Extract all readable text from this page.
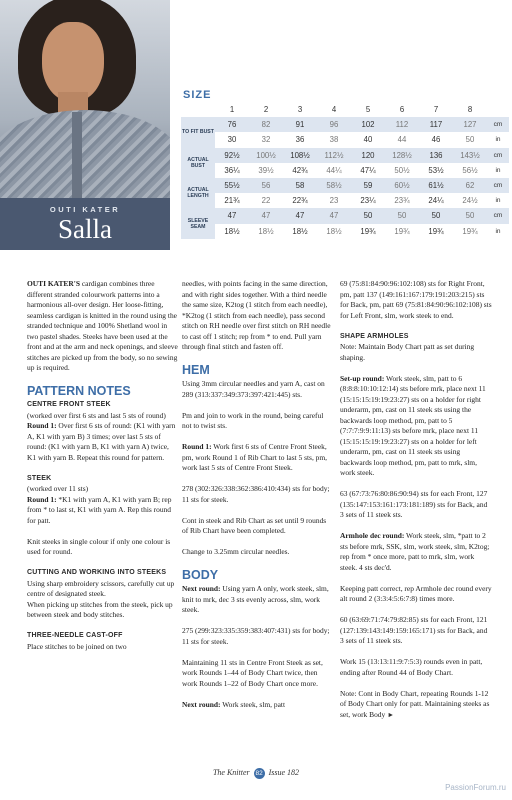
OUTI KATER
Salla
SIZE
	1	2	3	4	5	6	7	8	
TO FIT BUST	76	82	91	96	102	112	117	127	cm
	30	32	36	38	40	44	46	50	in
ACTUAL BUST	92½	100½	108½	112½	120	128½	136	143½	cm
	36¼	39½	42¾	44¼	47¼	50½	53½	56½	in
ACTUAL LENGTH	55½	56	58	58½	59	60½	61½	62	cm
	21¾	22	22¾	23	23¼	23¾	24¼	24½	in
SLEEVE SEAM	47	47	47	47	50	50	50	50	cm
	18½	18½	18½	18½	19¾	19¾	19¾	19¾	in

OUTI KATER'S cardigan combines three different stranded colourwork patterns into a harmonious all-over design. Her loose-fitting, seamless cardigan is knitted in the round using the stranded technique and 100% Shetland wool in two pastel shades. Steeks have been used at the front and at the arm and neck openings, and sleeve stitches are picked up from the body, so no sewing up is required.

PATTERN NOTES
CENTRE FRONT STEEK
(worked over first 6 sts and last 5 sts of round)

Round 1: Over first 6 sts of round: (K1 with yarn A, K1 with yarn B) 3 times; over last 5 sts of round: (K1 with yarn B, K1 with yarn A) twice, K1 with yarn B. Repeat this round for pattern.

STEEK
(worked over 11 sts)

Round 1: *K1 with yarn A, K1 with yarn B; rep from * to last st, K1 with yarn A. Rep this round for patt.

Knit steeks in single colour if only one colour is used for round.

CUTTING AND WORKING INTO STEEKS
Using sharp embroidery scissors, carefully cut up centre of designated steek.

When picking up stitches from the steek, pick up between steek and body stitches.

THREE-NEEDLE CAST-OFF
Place stitches to be joined on two

needles, with points facing in the same direction, and with right sides together. With a third needle the same size, K2tog (1 stitch from each needle), *K2tog (1 stitch from each needle), pass second stitch on RH needle over first stitch on RH needle to cast off 1 stitch; rep from * to end. Pull yarn through final stitch and fasten off.

HEM

Using 3mm circular needles and yarn A, cast on 289 (313:337:349:373:397:421:445) sts.

Pm and join to work in the round, being careful not to twist sts.

Round 1: Work first 6 sts of Centre Front Steek, pm, work Round 1 of Rib Chart to last 5 sts, pm, work last 5 sts of Centre Front Steek.

278 (302:326:338:362:386:410:434) sts for body; 11 sts for steek.

Cont in steek and Rib Chart as set until 9 rounds of Rib Chart have been completed.

Change to 3.25mm circular needles.

BODY

Next round: Using yarn A only, work steek, slm, knit to mrk, dec 3 sts evenly across, slm, work steek.

275 (299:323:335:359:383:407:431) sts for body; 11 sts for steek.

Maintaining 11 sts in Centre Front Steek as set, work Rounds 1–44 of Body Chart twice, then work Rounds 1–22 of Body Chart once more.

Next round: Work steek, slm, patt

69 (75:81:84:90:96:102:108) sts for Right Front, pm, patt 137 (149:161:167:179:191:203:215) sts for Back, pm, patt 69 (75:81:84:90:96:102:108) sts for Left Front, slm, work steek to end.

SHAPE ARMHOLES

Note: Maintain Body Chart patt as set during shaping.

Set-up round: Work steek, slm, patt to 6 (8:8:8:10:10:12:14) sts before mrk, place next 11 (15:15:15:19:19:23:27) sts on a holder for right underarm, pm, cast on 11 steek sts using the backwards loop method, pm, patt to 5 (7:7:7:9:9:11:13) sts before mrk, place next 11 (15:15:15:19:19:23:27) sts on a holder for left underarm, pm, cast on 11 steek sts using backwards loop method, pm, patt to mrk, slm, work steek.

63 (67:73:76:80:86:90:94) sts for each Front, 127 (135:147:153:161:173:181:189) sts for Back, and 3 sets of 11 steek sts.

Armhole dec round: Work steek, slm, *patt to 2 sts before mrk, SSK, slm, work steek, slm, K2tog; rep from * once more, patt to mrk, slm, work steek. 4 sts dec'd.

Keeping patt correct, rep Armhole dec round every alt round 2 (3:3:4:5:6:7:8) times more.

60 (63:69:71:74:79:82:85) sts for each Front, 121 (127:139:143:149:159:165:171) sts for Back, and 3 sets of 11 steek sts.

Work 15 (13:13:11:9:7:5:3) rounds even in patt, ending after Round 44 of Body Chart.

Note: Cont in Body Chart, repeating Rounds 1-12 of Body Chart only for patt. Maintaining steeks as set, work Body ►

The Knitter 82 Issue 182
PassionForum.ru
